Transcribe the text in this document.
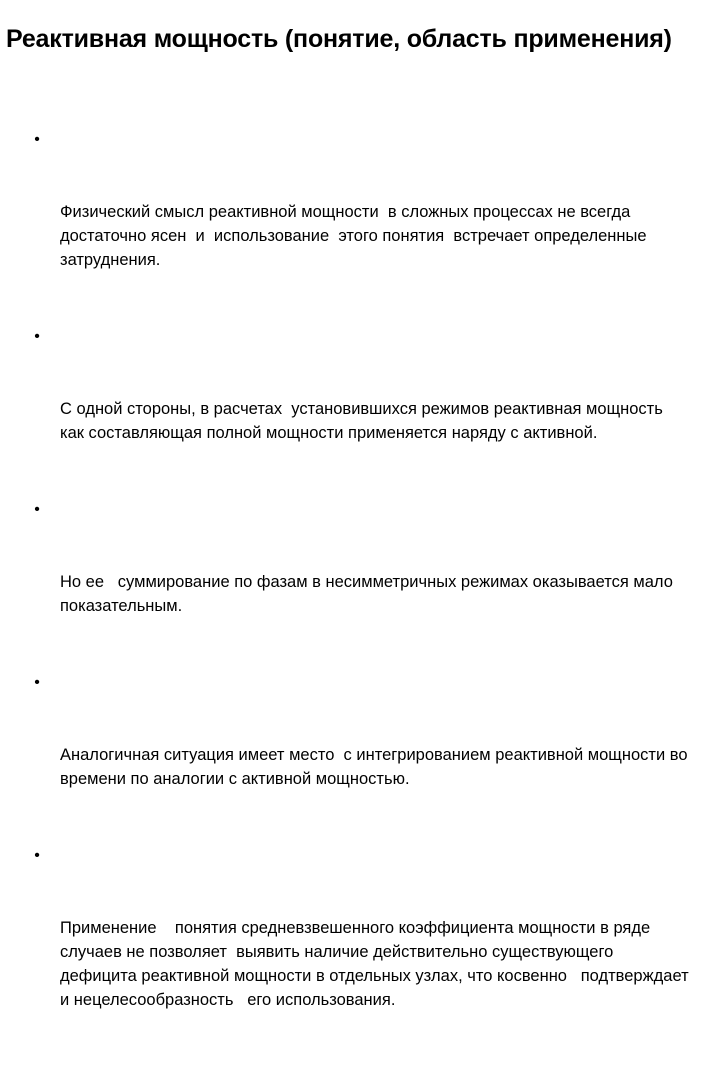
Реактивная мощность (понятие, область применения)

•

Физический смысл реактивной мощности  в сложных процессах не всегда достаточно ясен  и  использование  этого понятия  встречает определенные затруднения.

•

С одной стороны, в расчетах  установившихся режимов реактивная мощность как составляющая полной мощности применяется наряду с активной.

•

Но ее   суммирование по фазам в несимметричных режимах оказывается мало показательным.

•

Аналогичная ситуация имеет место  с интегрированием реактивной мощности во времени по аналогии с активной мощностью.

•

Применение    понятия средневзвешенного коэффициента мощности в ряде случаев не позволяет  выявить наличие действительно существующего дефицита реактивной мощности в отдельных узлах, что косвенно   подтверждает   и нецелесообразность   его использования.
